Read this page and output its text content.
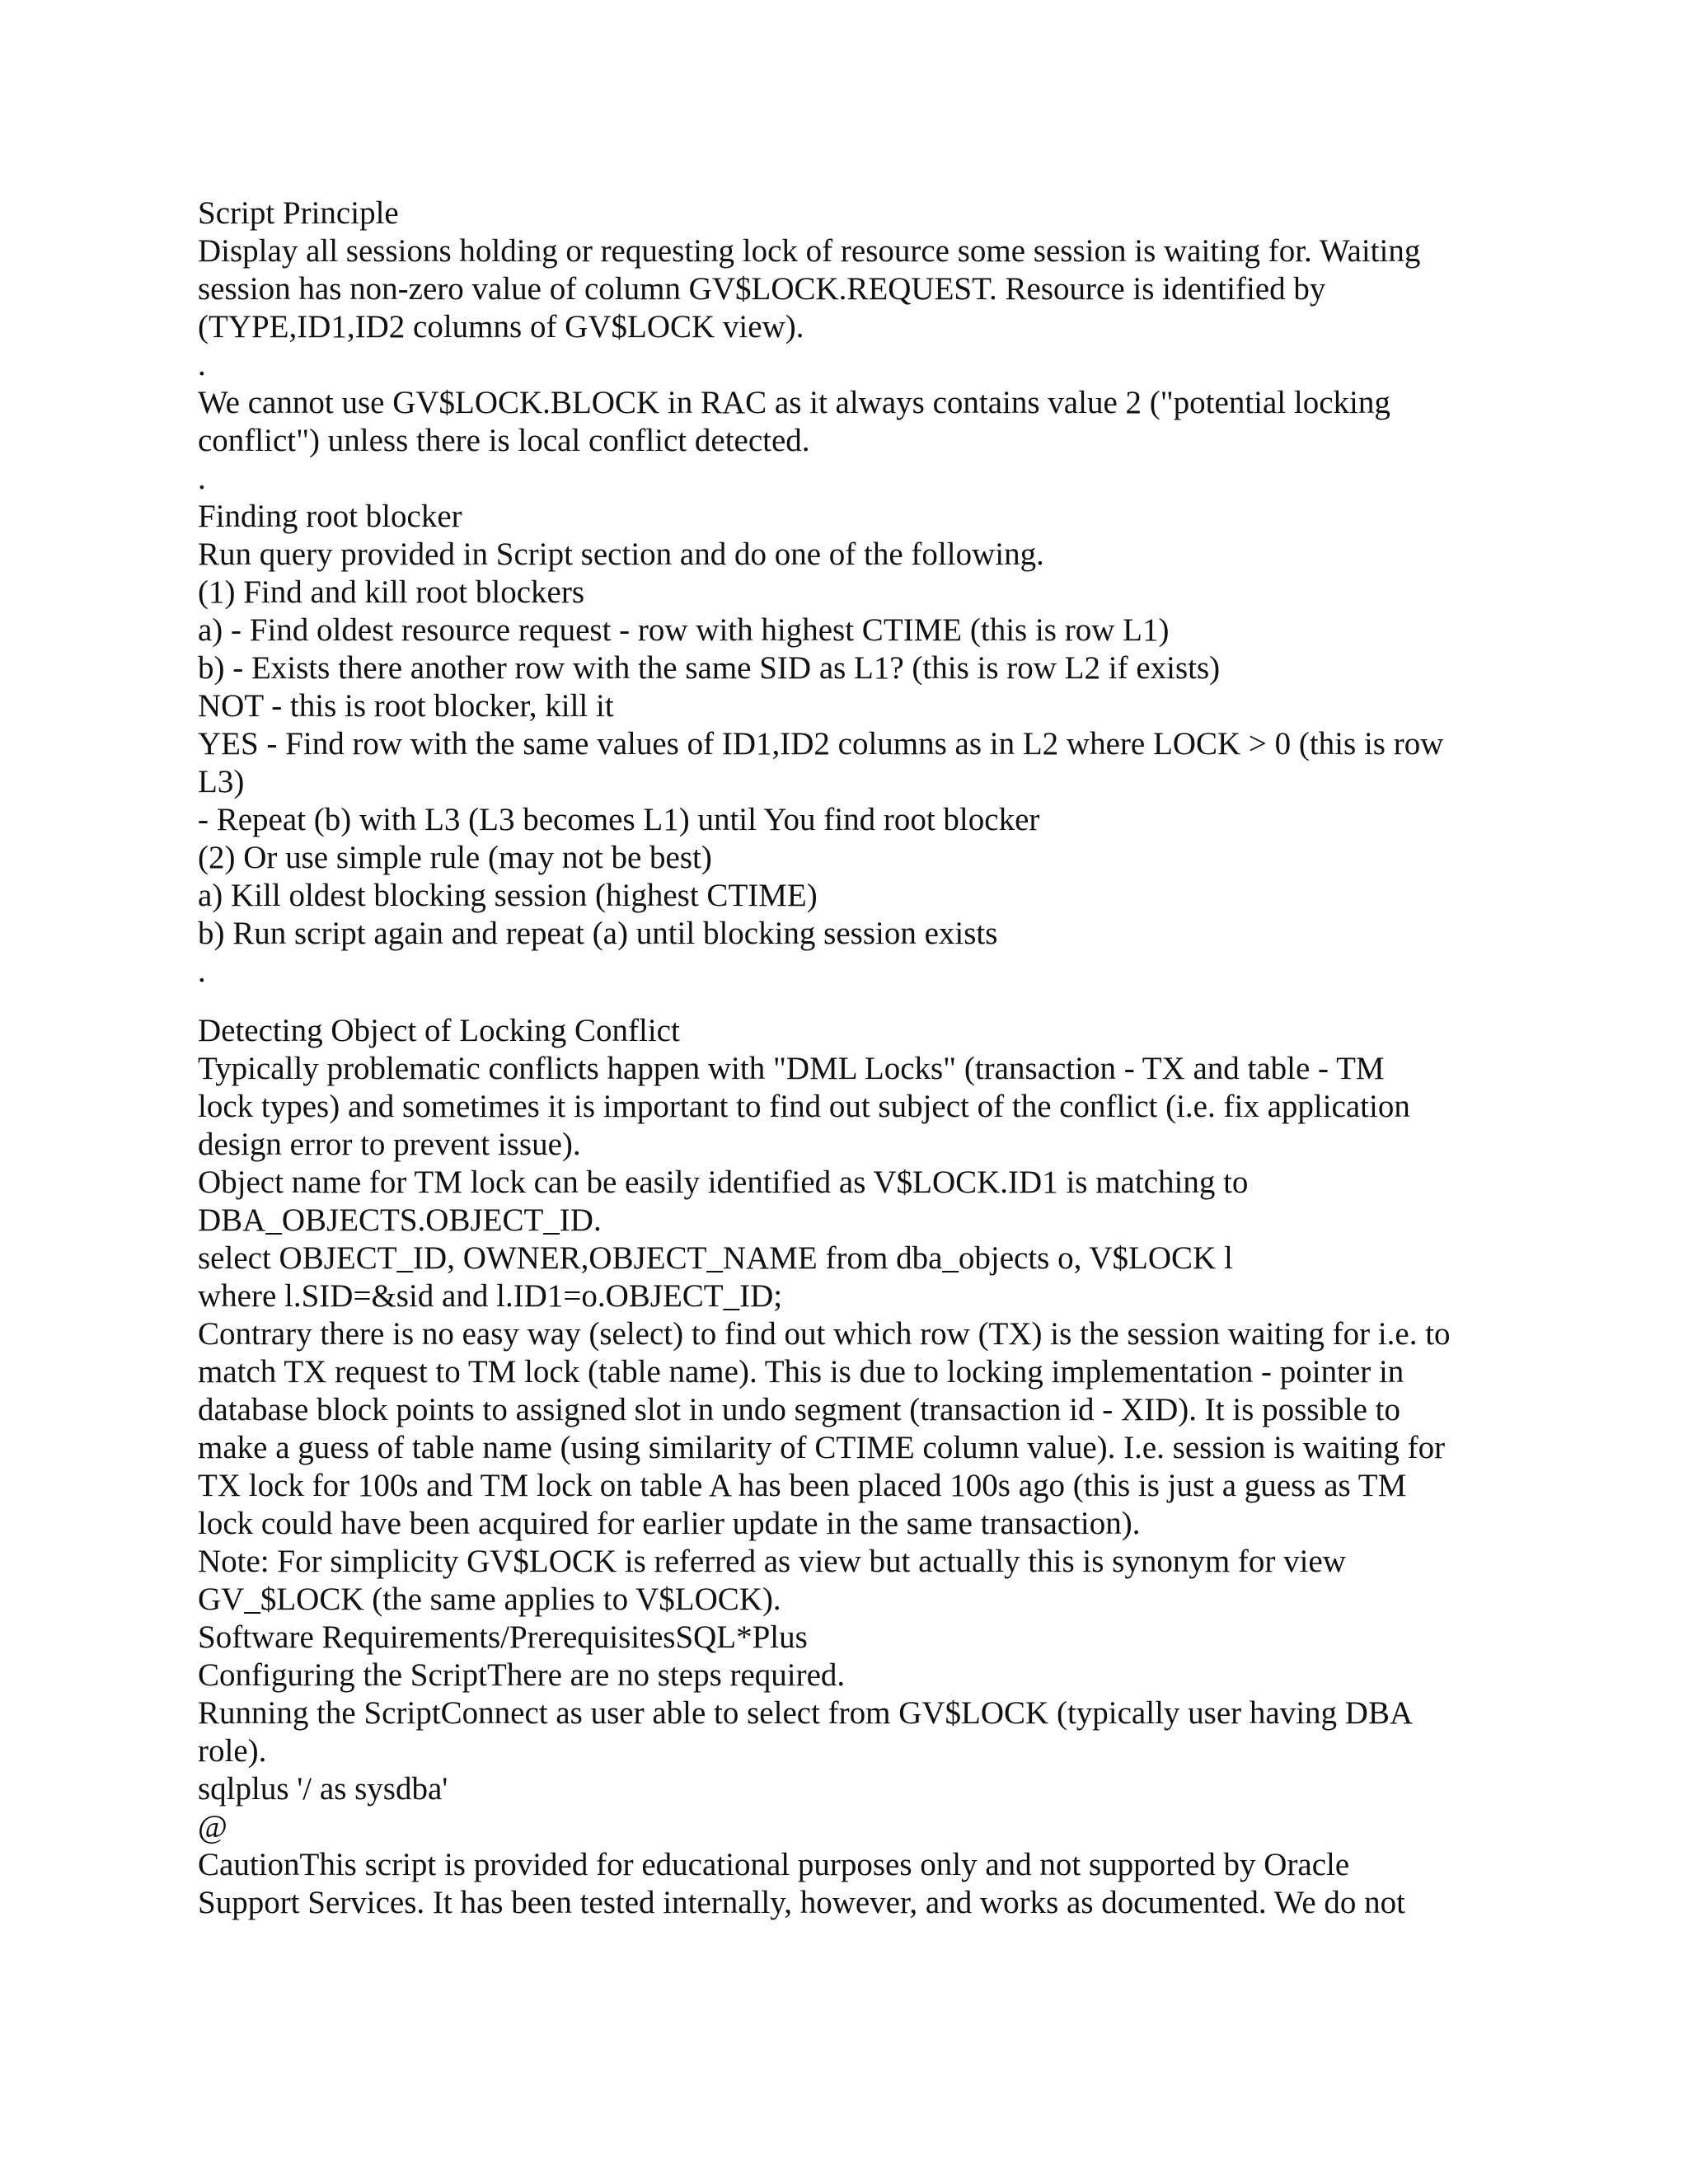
Script Principle
Display all sessions holding or requesting lock of resource some session is waiting for. Waiting
session has non-zero value of column GV$LOCK.REQUEST. Resource is identified by
(TYPE,ID1,ID2 columns of GV$LOCK view).
.
We cannot use GV$LOCK.BLOCK in RAC as it always contains value 2 ("potential locking
conflict") unless there is local conflict detected.
.
Finding root blocker
Run query provided in Script section and do one of the following.
(1) Find and kill root blockers
a) - Find oldest resource request - row with highest CTIME (this is row L1)
b) - Exists there another row with the same SID as L1? (this is row L2 if exists)
NOT - this is root blocker, kill it
YES - Find row with the same values of ID1,ID2 columns as in L2 where LOCK > 0 (this is row
L3)
- Repeat (b) with L3 (L3 becomes L1) until You find root blocker
(2) Or use simple rule (may not be best)
a) Kill oldest blocking session (highest CTIME)
b) Run script again and repeat (a) until blocking session exists
.
Detecting Object of Locking Conflict
Typically problematic conflicts happen with "DML Locks" (transaction - TX and table - TM
lock types) and sometimes it is important to find out subject of the conflict (i.e. fix application
design error to prevent issue).
Object name for TM lock can be easily identified as V$LOCK.ID1 is matching to
DBA_OBJECTS.OBJECT_ID.
select OBJECT_ID, OWNER,OBJECT_NAME from dba_objects o, V$LOCK l
where l.SID=&sid and l.ID1=o.OBJECT_ID;
Contrary there is no easy way (select) to find out which row (TX) is the session waiting for i.e. to
match TX request to TM lock (table name). This is due to locking implementation - pointer in
database block points to assigned slot in undo segment (transaction id - XID). It is possible to
make a guess of table name (using similarity of CTIME column value). I.e. session is waiting for
TX lock for 100s and TM lock on table A has been placed 100s ago (this is just a guess as TM
lock could have been acquired for earlier update in the same transaction).
Note: For simplicity GV$LOCK is referred as view but actually this is synonym for view
GV_$LOCK (the same applies to V$LOCK).
Software Requirements/PrerequisitesSQL*Plus
Configuring the ScriptThere are no steps required.
Running the ScriptConnect as user able to select from GV$LOCK (typically user having DBA
role).
sqlplus '/ as sysdba'
@
CautionThis script is provided for educational purposes only and not supported by Oracle
Support Services. It has been tested internally, however, and works as documented. We do not
